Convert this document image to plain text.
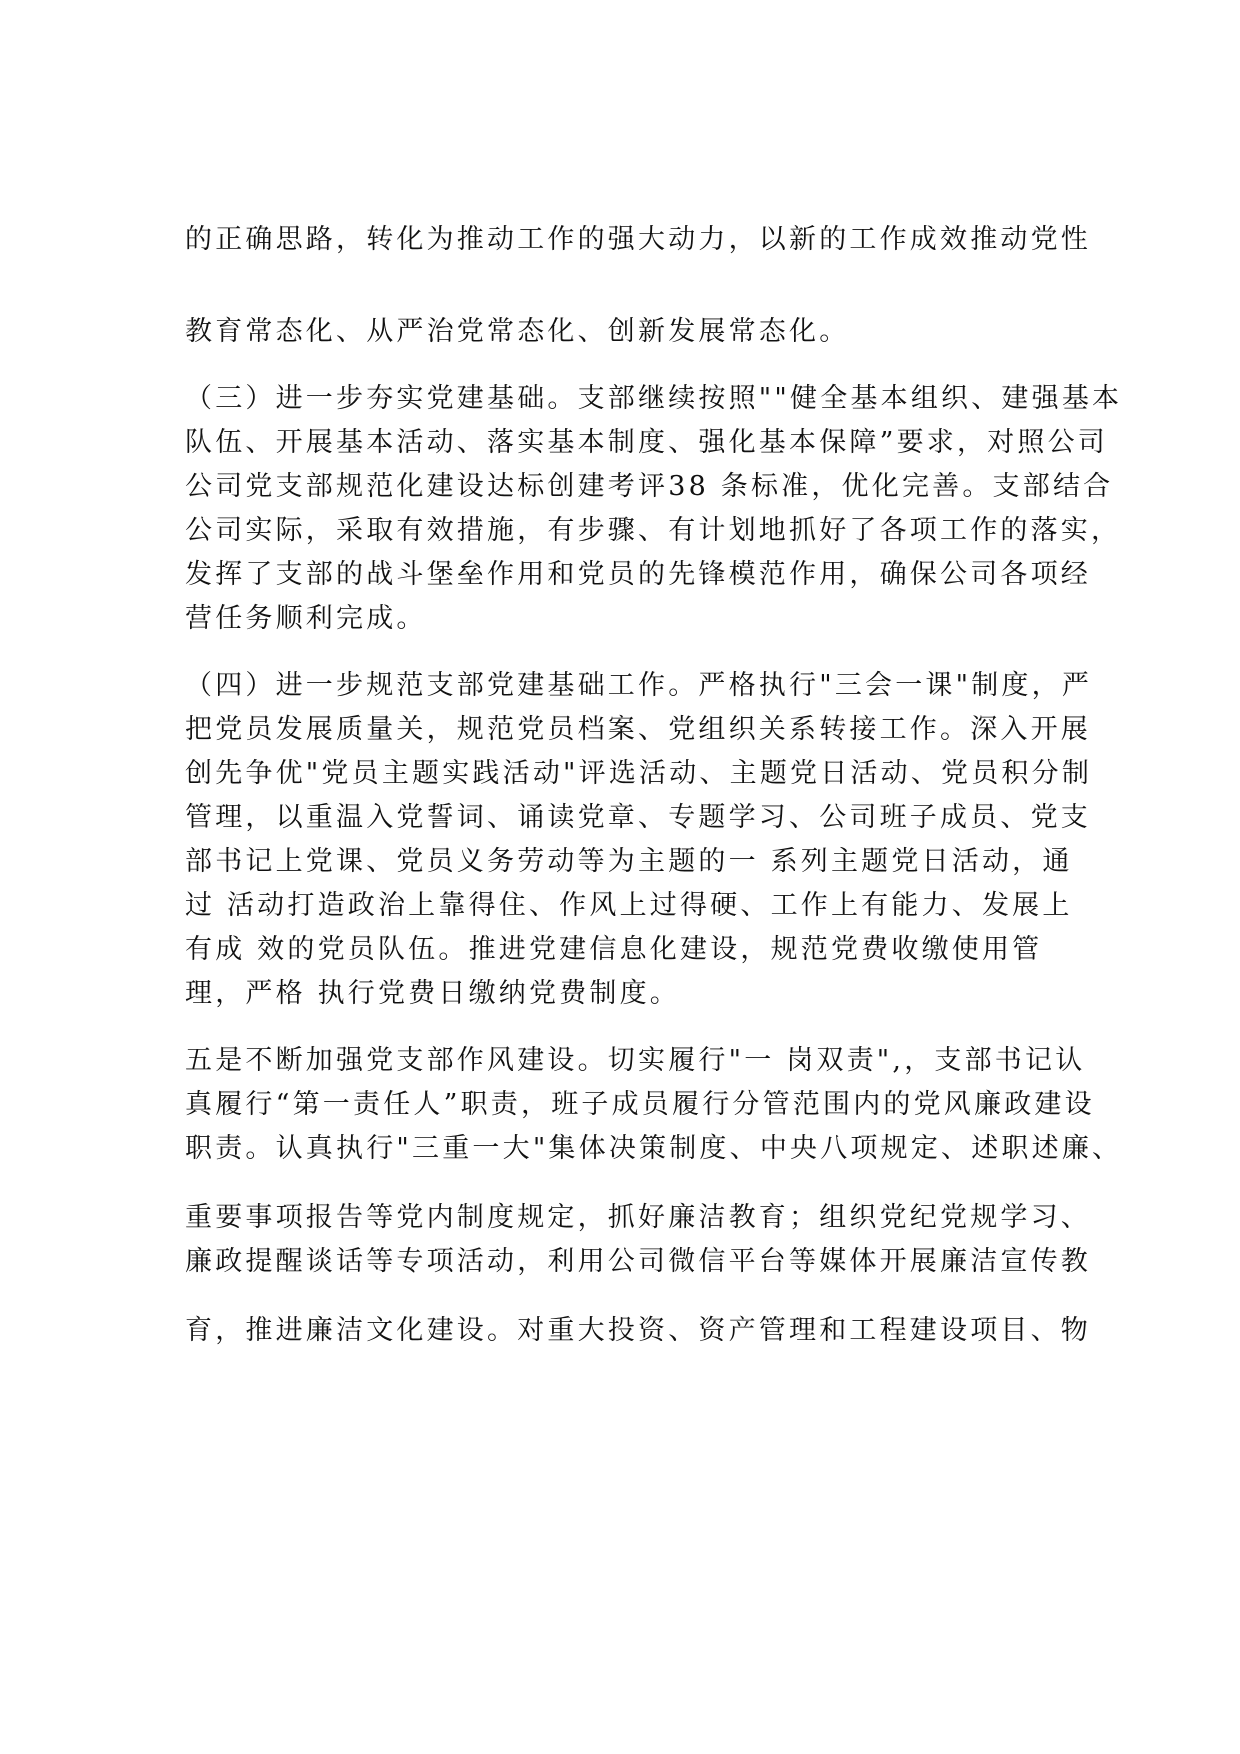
的正确思路，转化为推动工作的强大动力，以新的工作成效推动党性
教育常态化、从严治党常态化、创新发展常态化。
（三）进一步夯实党建基础。支部继续按照""健全基本组织、建强基本
队伍、开展基本活动、落实基本制度、强化基本保障”要求，对照公司
公司党支部规范化建设达标创建考评38 条标准，优化完善。支部结合
公司实际，采取有效措施，有步骤、有计划地抓好了各项工作的落实，
发挥了支部的战斗堡垒作用和党员的先锋模范作用，确保公司各项经
营任务顺利完成。
（四）进一步规范支部党建基础工作。严格执行"三会一课"制度，严
把党员发展质量关，规范党员档案、党组织关系转接工作。深入开展
创先争优"党员主题实践活动"评选活动、主题党日活动、党员积分制
管理，以重温入党誓词、诵读党章、专题学习、公司班子成员、党支
部书记上党课、党员义务劳动等为主题的一 系列主题党日活动，通
过 活动打造政治上靠得住、作风上过得硬、工作上有能力、发展上
有成 效的党员队伍。推进党建信息化建设，规范党费收缴使用管
理，严格 执行党费日缴纳党费制度。
五是不断加强党支部作风建设。切实履行"一 岗双责",，支部书记认
真履行“第一责任人”职责，班子成员履行分管范围内的党风廉政建设
职责。认真执行"三重一大"集体决策制度、中央八项规定、述职述廉、
重要事项报告等党内制度规定，抓好廉洁教育；组织党纪党规学习、
廉政提醒谈话等专项活动，利用公司微信平台等媒体开展廉洁宣传教
育，推进廉洁文化建设。对重大投资、资产管理和工程建设项目、物
